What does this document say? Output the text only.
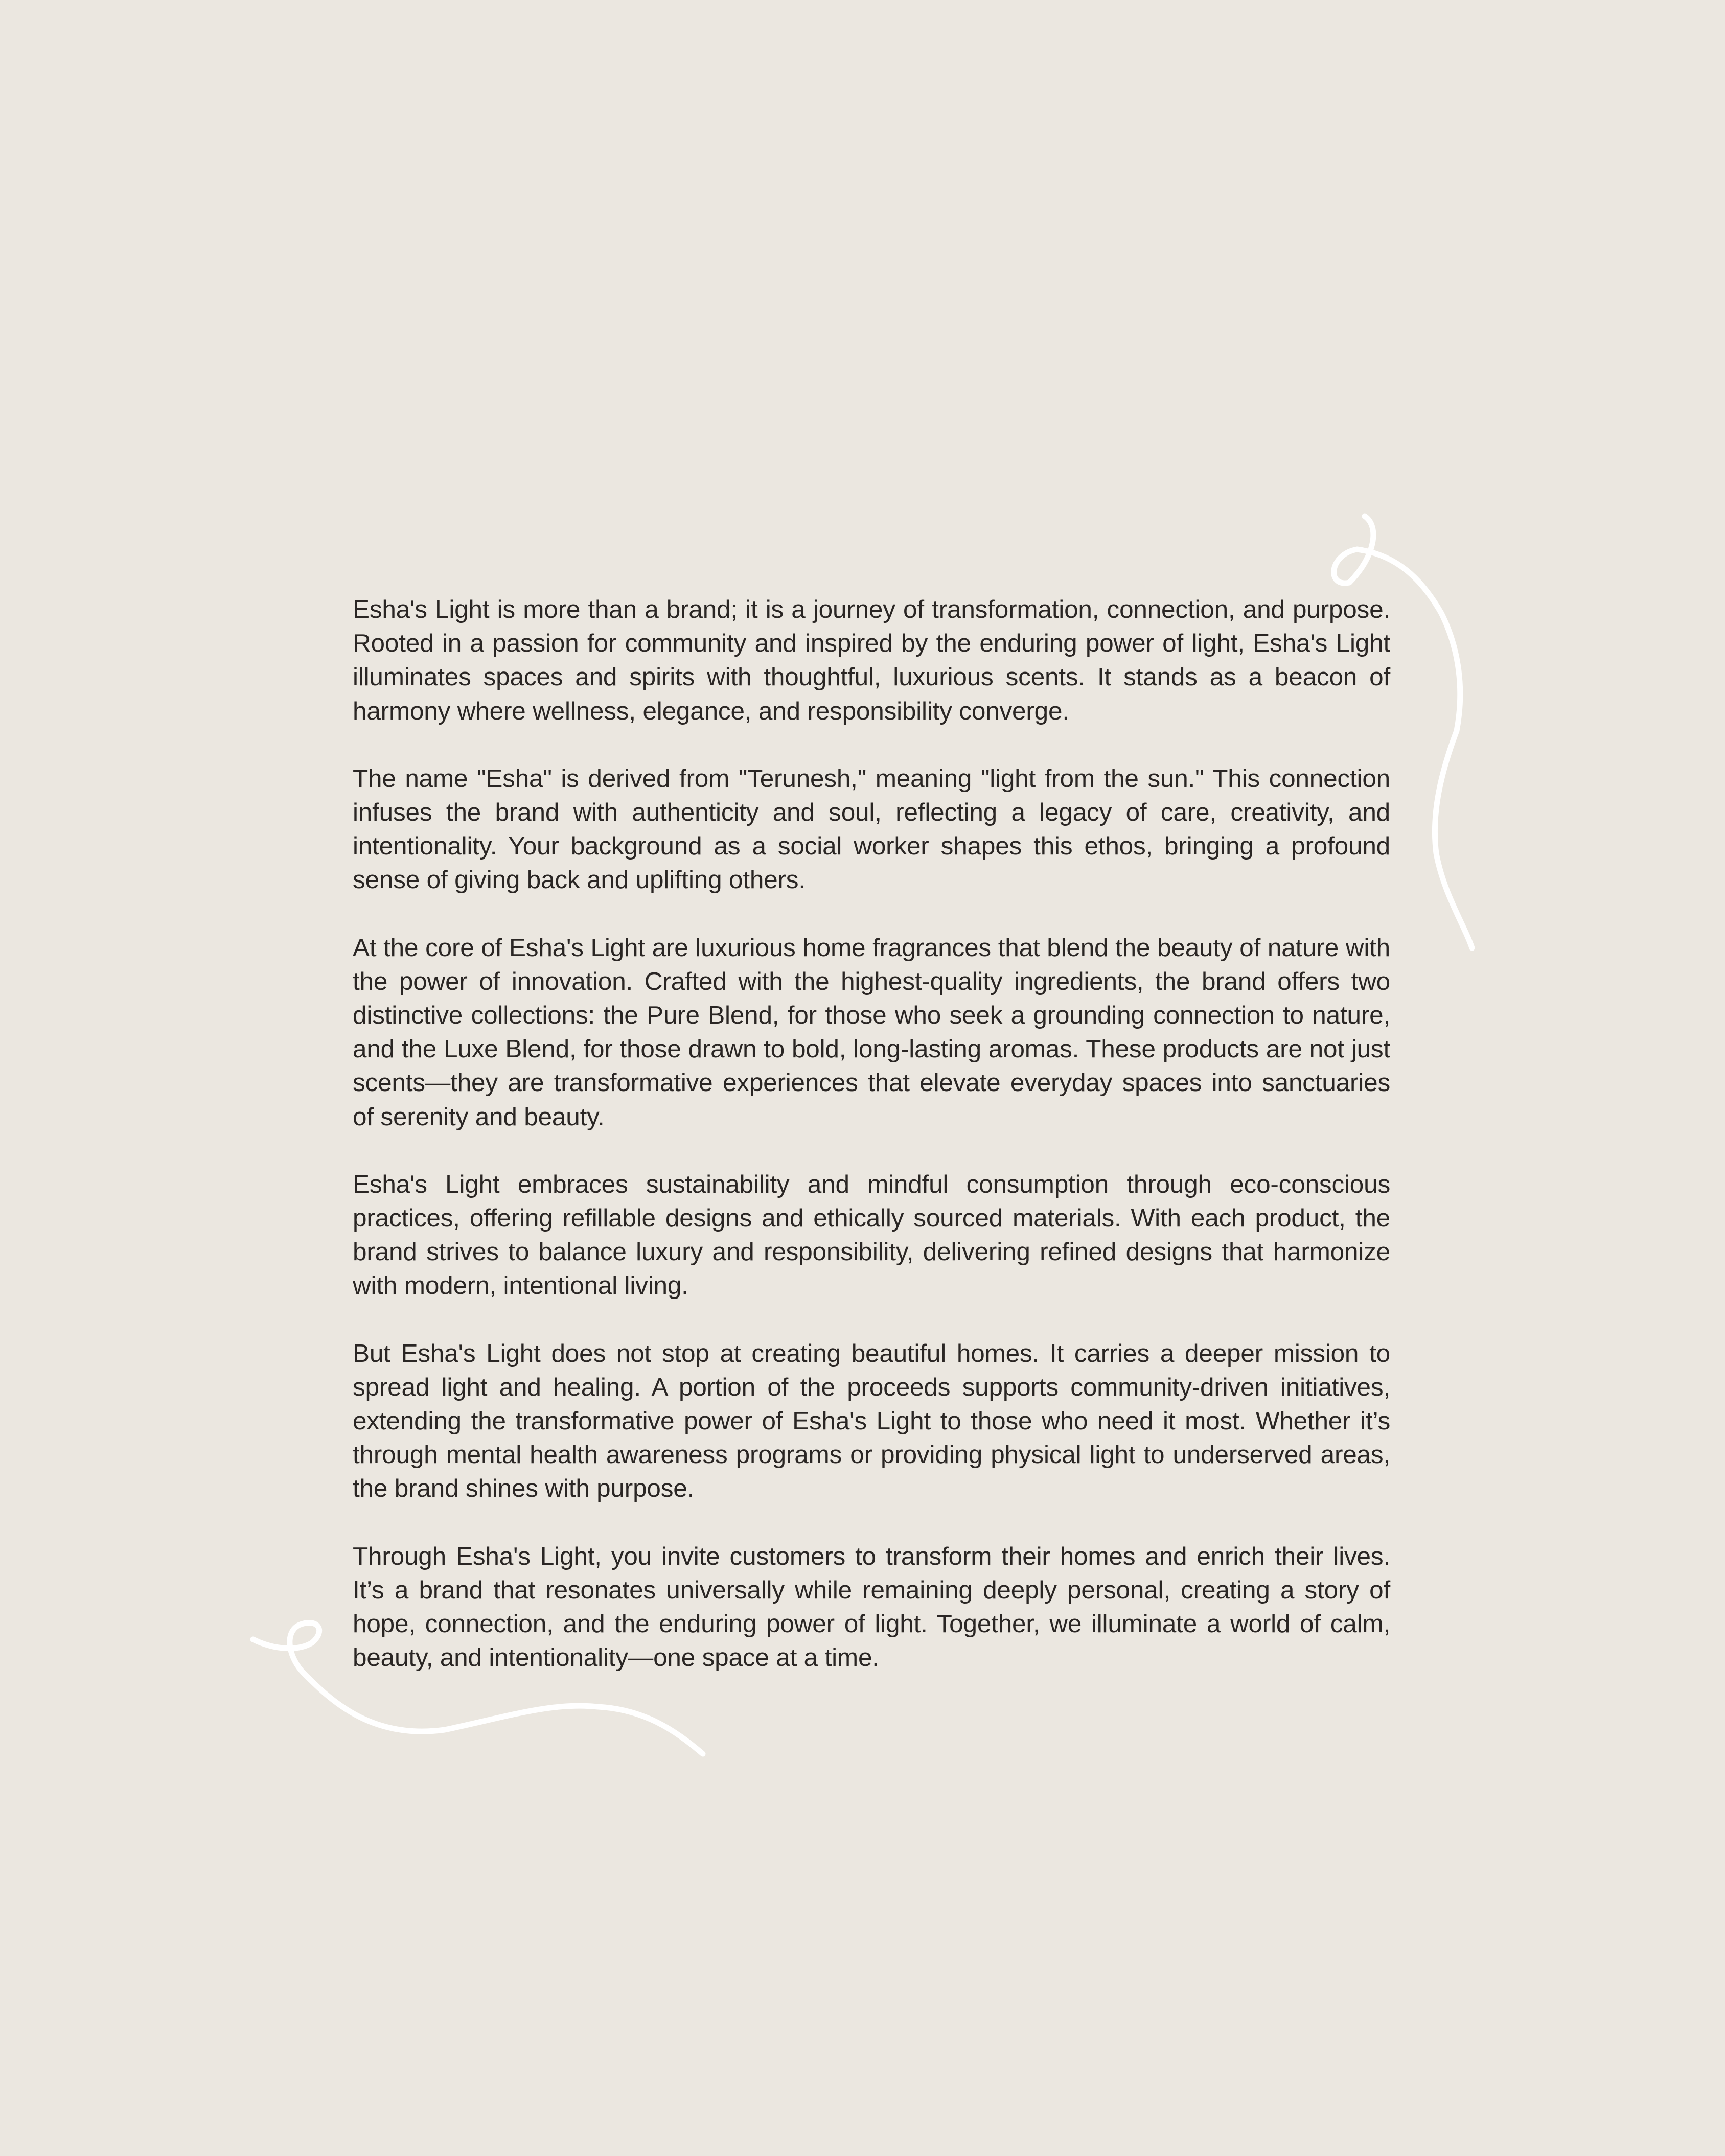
Esha's Light is more than a brand; it is a journey of transformation, connection, and purpose. Rooted in a passion for community and inspired by the enduring power of light, Esha's Light illuminates spaces and spirits with thoughtful, luxurious scents. It stands as a beacon of harmony where wellness, elegance, and responsibility converge.

The name "Esha" is derived from "Terunesh," meaning "light from the sun." This connection infuses the brand with authenticity and soul, reflecting a legacy of care, creativity, and intentionality. Your background as a social worker shapes this ethos, bringing a profound sense of giving back and uplifting others.

At the core of Esha's Light are luxurious home fragrances that blend the beauty of nature with the power of innovation. Crafted with the highest-quality ingredients, the brand offers two distinctive collections: the Pure Blend, for those who seek a grounding connection to nature, and the Luxe Blend, for those drawn to bold, long-lasting aromas. These products are not just scents—they are transformative experiences that elevate everyday spaces into sanctuaries of serenity and beauty.

Esha's Light embraces sustainability and mindful consumption through eco-conscious practices, offering refillable designs and ethically sourced materials. With each product, the brand strives to balance luxury and responsibility, delivering refined designs that harmonize with modern, intentional living.

But Esha's Light does not stop at creating beautiful homes. It carries a deeper mission to spread light and healing. A portion of the proceeds supports community-driven initiatives, extending the transformative power of Esha's Light to those who need it most. Whether it’s through mental health awareness programs or providing physical light to underserved areas, the brand shines with purpose.

Through Esha's Light, you invite customers to transform their homes and enrich their lives. It’s a brand that resonates universally while remaining deeply personal, creating a story of hope, connection, and the enduring power of light. Together, we illuminate a world of calm, beauty, and intentionality—one space at a time.
